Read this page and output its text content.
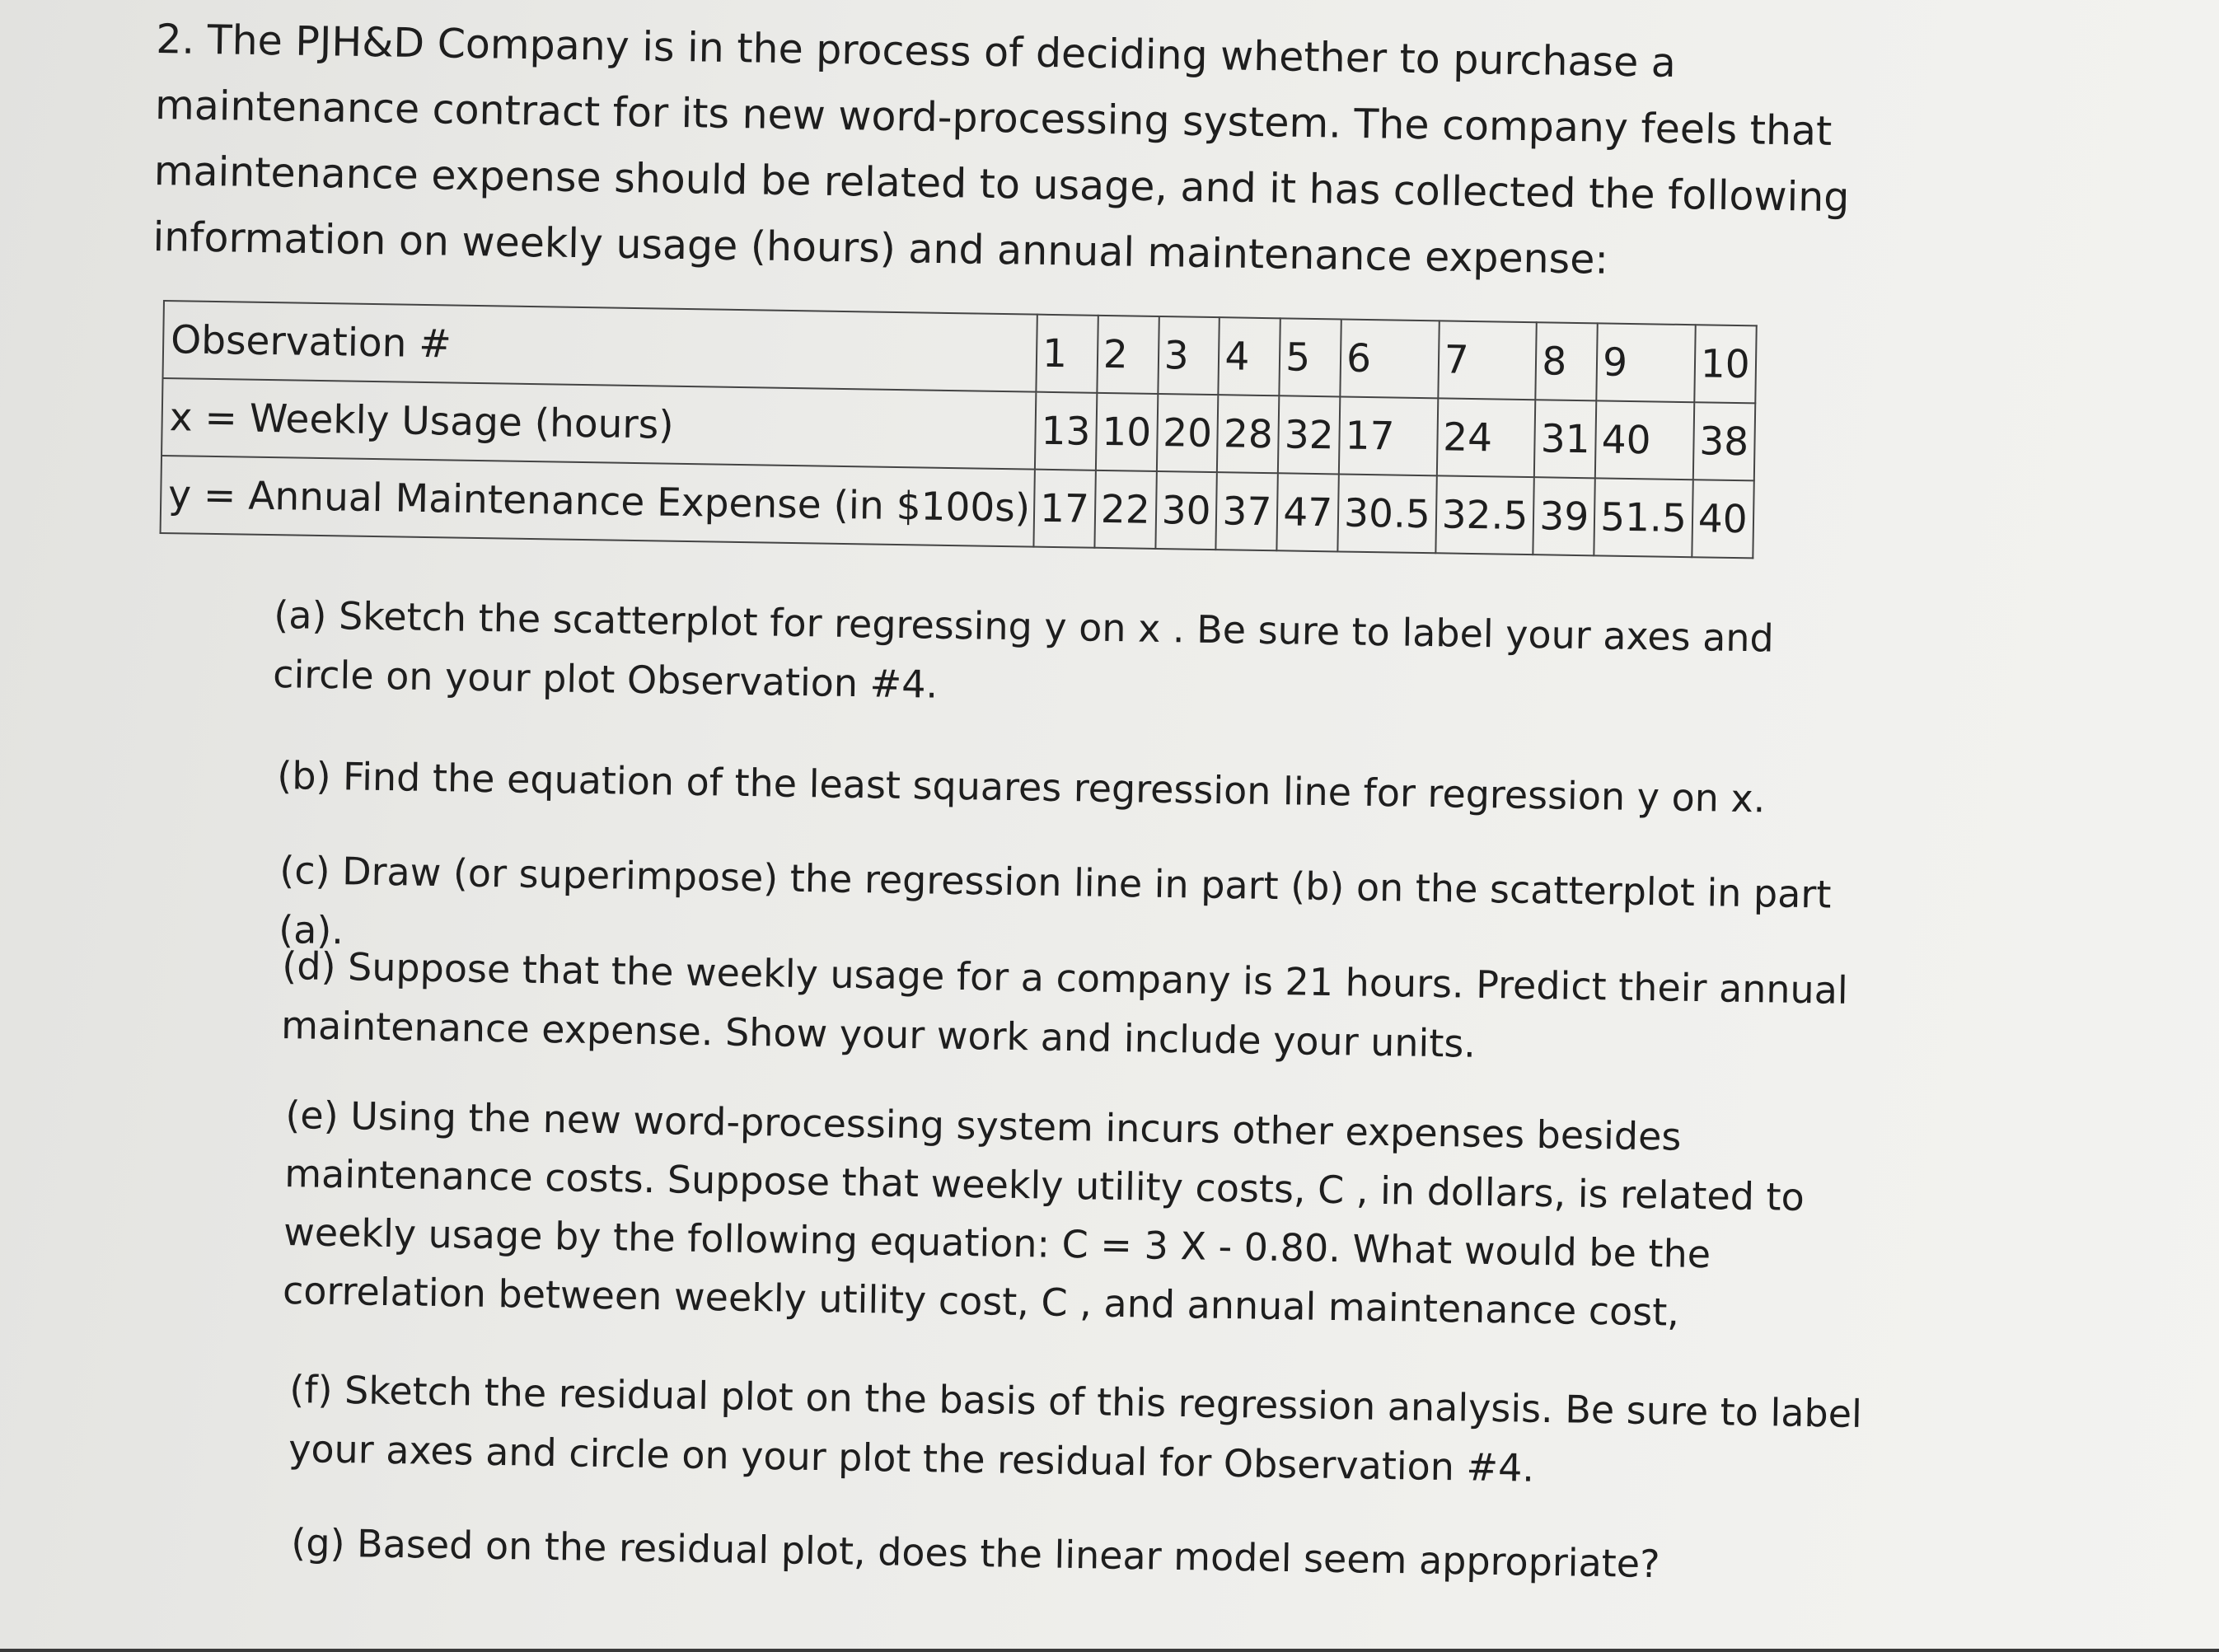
2. The PJH&D Company is in the process of deciding whether to purchase a maintenance contract for its new word-processing system. The company feels that maintenance expense should be related to usage, and it has collected the following information on weekly usage (hours) and annual maintenance expense:

Observation #	1	2	3	4	5	6	7	8	9	10
x = Weekly Usage (hours)	13	10	20	28	32	17	24	31	40	38
y = Annual Maintenance Expense (in $100s)	17	22	30	37	47	30.5	32.5	39	51.5	40

(a) Sketch the scatterplot for regressing y on x . Be sure to label your axes and circle on your plot Observation #4.

(b) Find the equation of the least squares regression line for regression y on x.

(c) Draw (or superimpose) the regression line in part (b) on the scatterplot in part (a).

(d) Suppose that the weekly usage for a company is 21 hours. Predict their annual maintenance expense. Show your work and include your units.

(e) Using the new word-processing system incurs other expenses besides maintenance costs. Suppose that weekly utility costs, C , in dollars, is related to weekly usage by the following equation: C = 3 X - 0.80. What would be the correlation between weekly utility cost, C , and annual maintenance cost,

(f) Sketch the residual plot on the basis of this regression analysis. Be sure to label your axes and circle on your plot the residual for Observation #4.

(g) Based on the residual plot, does the linear model seem appropriate?
